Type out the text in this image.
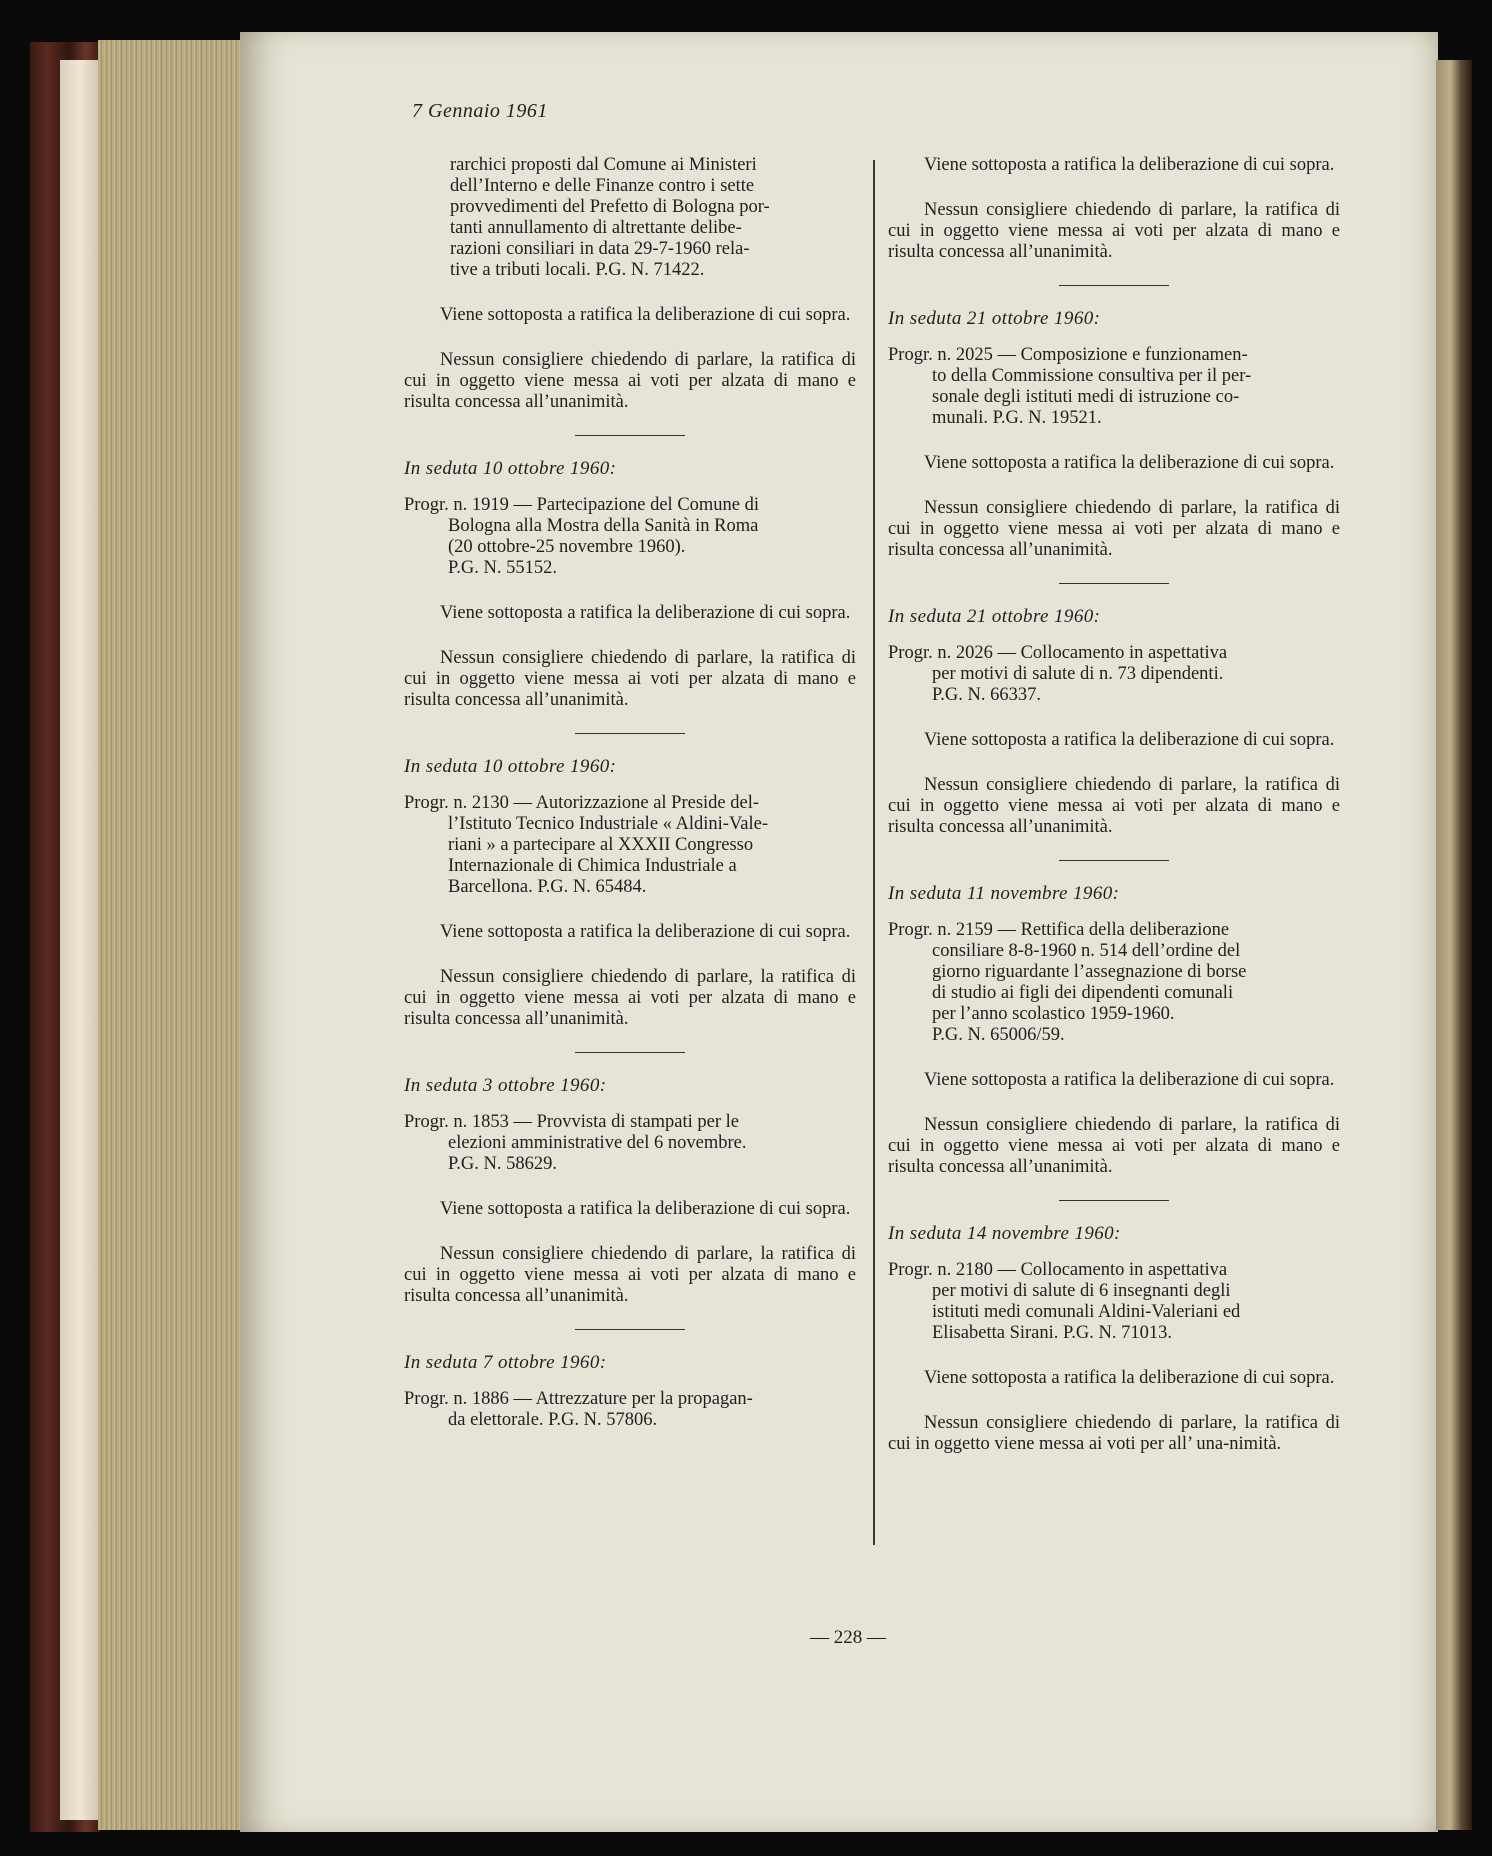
7 Gennaio 1961
rarchici proposti dal Comune ai Ministeri
dell’Interno e delle Finanze contro i sette
provvedimenti del Prefetto di Bologna por-
tanti annullamento di altrettante delibe-
razioni consiliari in data 29-7-1960 rela-
tive a tributi locali. P.G. N. 71422.

Viene sottoposta a ratifica la deliberazione di cui sopra.

Nessun consigliere chiedendo di parlare, la ratifica di cui in oggetto viene messa ai voti per alzata di mano e risulta concessa all’unanimità.

In seduta 10 ottobre 1960:

Progr. n. 1919 — Partecipazione del Comune di
Bologna alla Mostra della Sanità in Roma
(20 ottobre-25 novembre 1960).
P.G. N. 55152.

Viene sottoposta a ratifica la deliberazione di cui sopra.

Nessun consigliere chiedendo di parlare, la ratifica di cui in oggetto viene messa ai voti per alzata di mano e risulta concessa all’unanimità.

In seduta 10 ottobre 1960:

Progr. n. 2130 — Autorizzazione al Preside del-
l’Istituto Tecnico Industriale « Aldini-Vale-
riani » a partecipare al XXXII Congresso
Internazionale di Chimica Industriale a
Barcellona. P.G. N. 65484.

Viene sottoposta a ratifica la deliberazione di cui sopra.

Nessun consigliere chiedendo di parlare, la ratifica di cui in oggetto viene messa ai voti per alzata di mano e risulta concessa all’unanimità.

In seduta 3 ottobre 1960:

Progr. n. 1853 — Provvista di stampati per le
elezioni amministrative del 6 novembre.
P.G. N. 58629.

Viene sottoposta a ratifica la deliberazione di cui sopra.

Nessun consigliere chiedendo di parlare, la ratifica di cui in oggetto viene messa ai voti per alzata di mano e risulta concessa all’unanimità.

In seduta 7 ottobre 1960:

Progr. n. 1886 — Attrezzature per la propagan-
da elettorale. P.G. N. 57806.

Viene sottoposta a ratifica la deliberazione di cui sopra.

Nessun consigliere chiedendo di parlare, la ratifica di cui in oggetto viene messa ai voti per alzata di mano e risulta concessa all’unanimità.

In seduta 21 ottobre 1960:

Progr. n. 2025 — Composizione e funzionamen-
to della Commissione consultiva per il per-
sonale degli istituti medi di istruzione co-
munali. P.G. N. 19521.

Viene sottoposta a ratifica la deliberazione di cui sopra.

Nessun consigliere chiedendo di parlare, la ratifica di cui in oggetto viene messa ai voti per alzata di mano e risulta concessa all’unanimità.

In seduta 21 ottobre 1960:

Progr. n. 2026 — Collocamento in aspettativa
per motivi di salute di n. 73 dipendenti.
P.G. N. 66337.

Viene sottoposta a ratifica la deliberazione di cui sopra.

Nessun consigliere chiedendo di parlare, la ratifica di cui in oggetto viene messa ai voti per alzata di mano e risulta concessa all’unanimità.

In seduta 11 novembre 1960:

Progr. n. 2159 — Rettifica della deliberazione
consiliare 8-8-1960 n. 514 dell’ordine del
giorno riguardante l’assegnazione di borse
di studio ai figli dei dipendenti comunali
per l’anno scolastico 1959-1960.
P.G. N. 65006/59.

Viene sottoposta a ratifica la deliberazione di cui sopra.

Nessun consigliere chiedendo di parlare, la ratifica di cui in oggetto viene messa ai voti per alzata di mano e risulta concessa all’unanimità.

In seduta 14 novembre 1960:

Progr. n. 2180 — Collocamento in aspettativa
per motivi di salute di 6 insegnanti degli
istituti medi comunali Aldini-Valeriani ed
Elisabetta Sirani. P.G. N. 71013.

Viene sottoposta a ratifica la deliberazione di cui sopra.

Nessun consigliere chiedendo di parlare, la ratifica di cui in oggetto viene messa ai voti per all’ una-nimità.

— 228 —
